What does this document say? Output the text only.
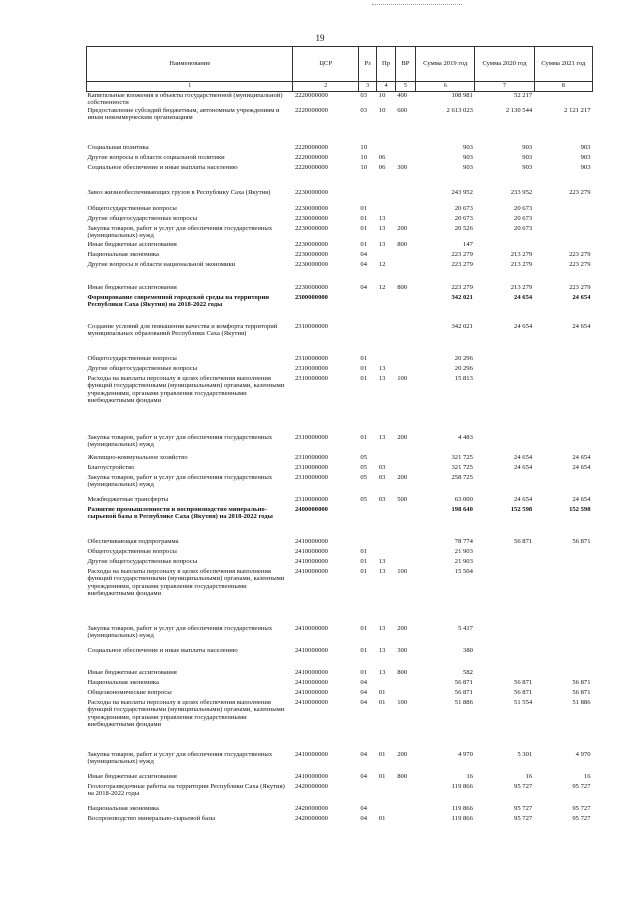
19
Наименование	ЦСР	Рз	Пр	ВР	Сумма 2019 год	Сумма 2020 год	Сумма 2021 год
1	2	3	4	5	6	7	8
Капитальные вложения в объекты государственной (муниципальной) собственности	2220000000	03	10	400	108 981	52 217	
Предоставление субсидий бюджетным, автономным учреждениям и иным некоммерческим организациям	2220000000	03	10	600	2 613 023	2 130 544	2 121 217
Социальная политика	2220000000	10			903	903	903
Другие вопросы в области социальной политики	2220000000	10	06		903	903	903
Социальное обеспечение и иные выплаты населению	2220000000	10	06	300	903	903	903
Завоз жизнеобеспечивающих грузов в Республику Саха (Якутия)	2230000000				243 952	233 952	223 279
Общегосударственные вопросы	2230000000	01			20 673	20 673	
Другие общегосударственные вопросы	2230000000	01	13		20 673	20 673	
Закупка товаров, работ и услуг для обеспечения государственных (муниципальных) нужд	2230000000	01	13	200	20 526	20 673	
Иные бюджетные ассигнования	2230000000	01	13	800	147		
Национальная экономика	2230000000	04			223 279	213 279	223 279
Другие вопросы в области национальной экономики	2230000000	04	12		223 279	213 279	223 279
Иные бюджетные ассигнования	2230000000	04	12	800	223 279	213 279	223 279
Формирование современной городской среды на территории Республики Саха (Якутия) на 2018-2022 годы	2300000000				342 021	24 654	24 654
Создание условий для повышения качества и комфорта территорий муниципальных образований Республики Саха (Якутия)	2310000000				342 021	24 654	24 654
Общегосударственные вопросы	2310000000	01			20 296		
Другие общегосударственные вопросы	2310000000	01	13		20 296		
Расходы на выплаты персоналу в целях обеспечения выполнения функций государственными (муниципальными) органами, казенными учреждениями, органами управления государственными внебюджетными фондами	2310000000	01	13	100	15 813		
Закупка товаров, работ и услуг для обеспечения государственных (муниципальных) нужд	2310000000	01	13	200	4 483		
Жилищно-коммунальное хозяйство	2310000000	05			321 725	24 654	24 654
Благоустройство	2310000000	05	03		321 725	24 654	24 654
Закупка товаров, работ и услуг для обеспечения государственных (муниципальных) нужд	2310000000	05	03	200	258 725		
Межбюджетные трансферты	2310000000	05	03	500	63 000	24 654	24 654
Развитие промышленности и воспроизводство минерально-сырьевой базы в Республике Саха (Якутия) на 2018-2022 годы	2400000000				198 640	152 598	152 598
Обеспечивающая подпрограмма	2410000000				78 774	56 871	56 871
Общегосударственные вопросы	2410000000	01			21 903		
Другие общегосударственные вопросы	2410000000	01	13		21 903		
Расходы на выплаты персоналу в целях обеспечения выполнения функций государственными (муниципальными) органами, казенными учреждениями, органами управления государственными внебюджетными фондами	2410000000	01	13	100	15 504		
Закупка товаров, работ и услуг для обеспечения государственных (муниципальных) нужд	2410000000	01	13	200	5 437		
Социальное обеспечение и иные выплаты населению	2410000000	01	13	300	380		
Иные бюджетные ассигнования	2410000000	01	13	800	582		
Национальная экономика	2410000000	04			56 871	56 871	56 871
Общеэкономические вопросы	2410000000	04	01		56 871	56 871	56 871
Расходы на выплаты персоналу в целях обеспечения выполнения функций государственными (муниципальными) органами, казенными учреждениями, органами управления государственными внебюджетными фондами	2410000000	04	01	100	51 886	51 554	51 886
Закупка товаров, работ и услуг для обеспечения государственных (муниципальных) нужд	2410000000	04	01	200	4 970	5 301	4 970
Иные бюджетные ассигнования	2410000000	04	01	800	16	16	16
Геологоразведочные работы на территории Республики Саха (Якутия) на 2018-2022 годы	2420000000				119 866	95 727	95 727
Национальная экономика	2420000000	04			119 866	95 727	95 727
Воспроизводство минерально-сырьевой базы	2420000000	04	01		119 866	95 727	95 727
